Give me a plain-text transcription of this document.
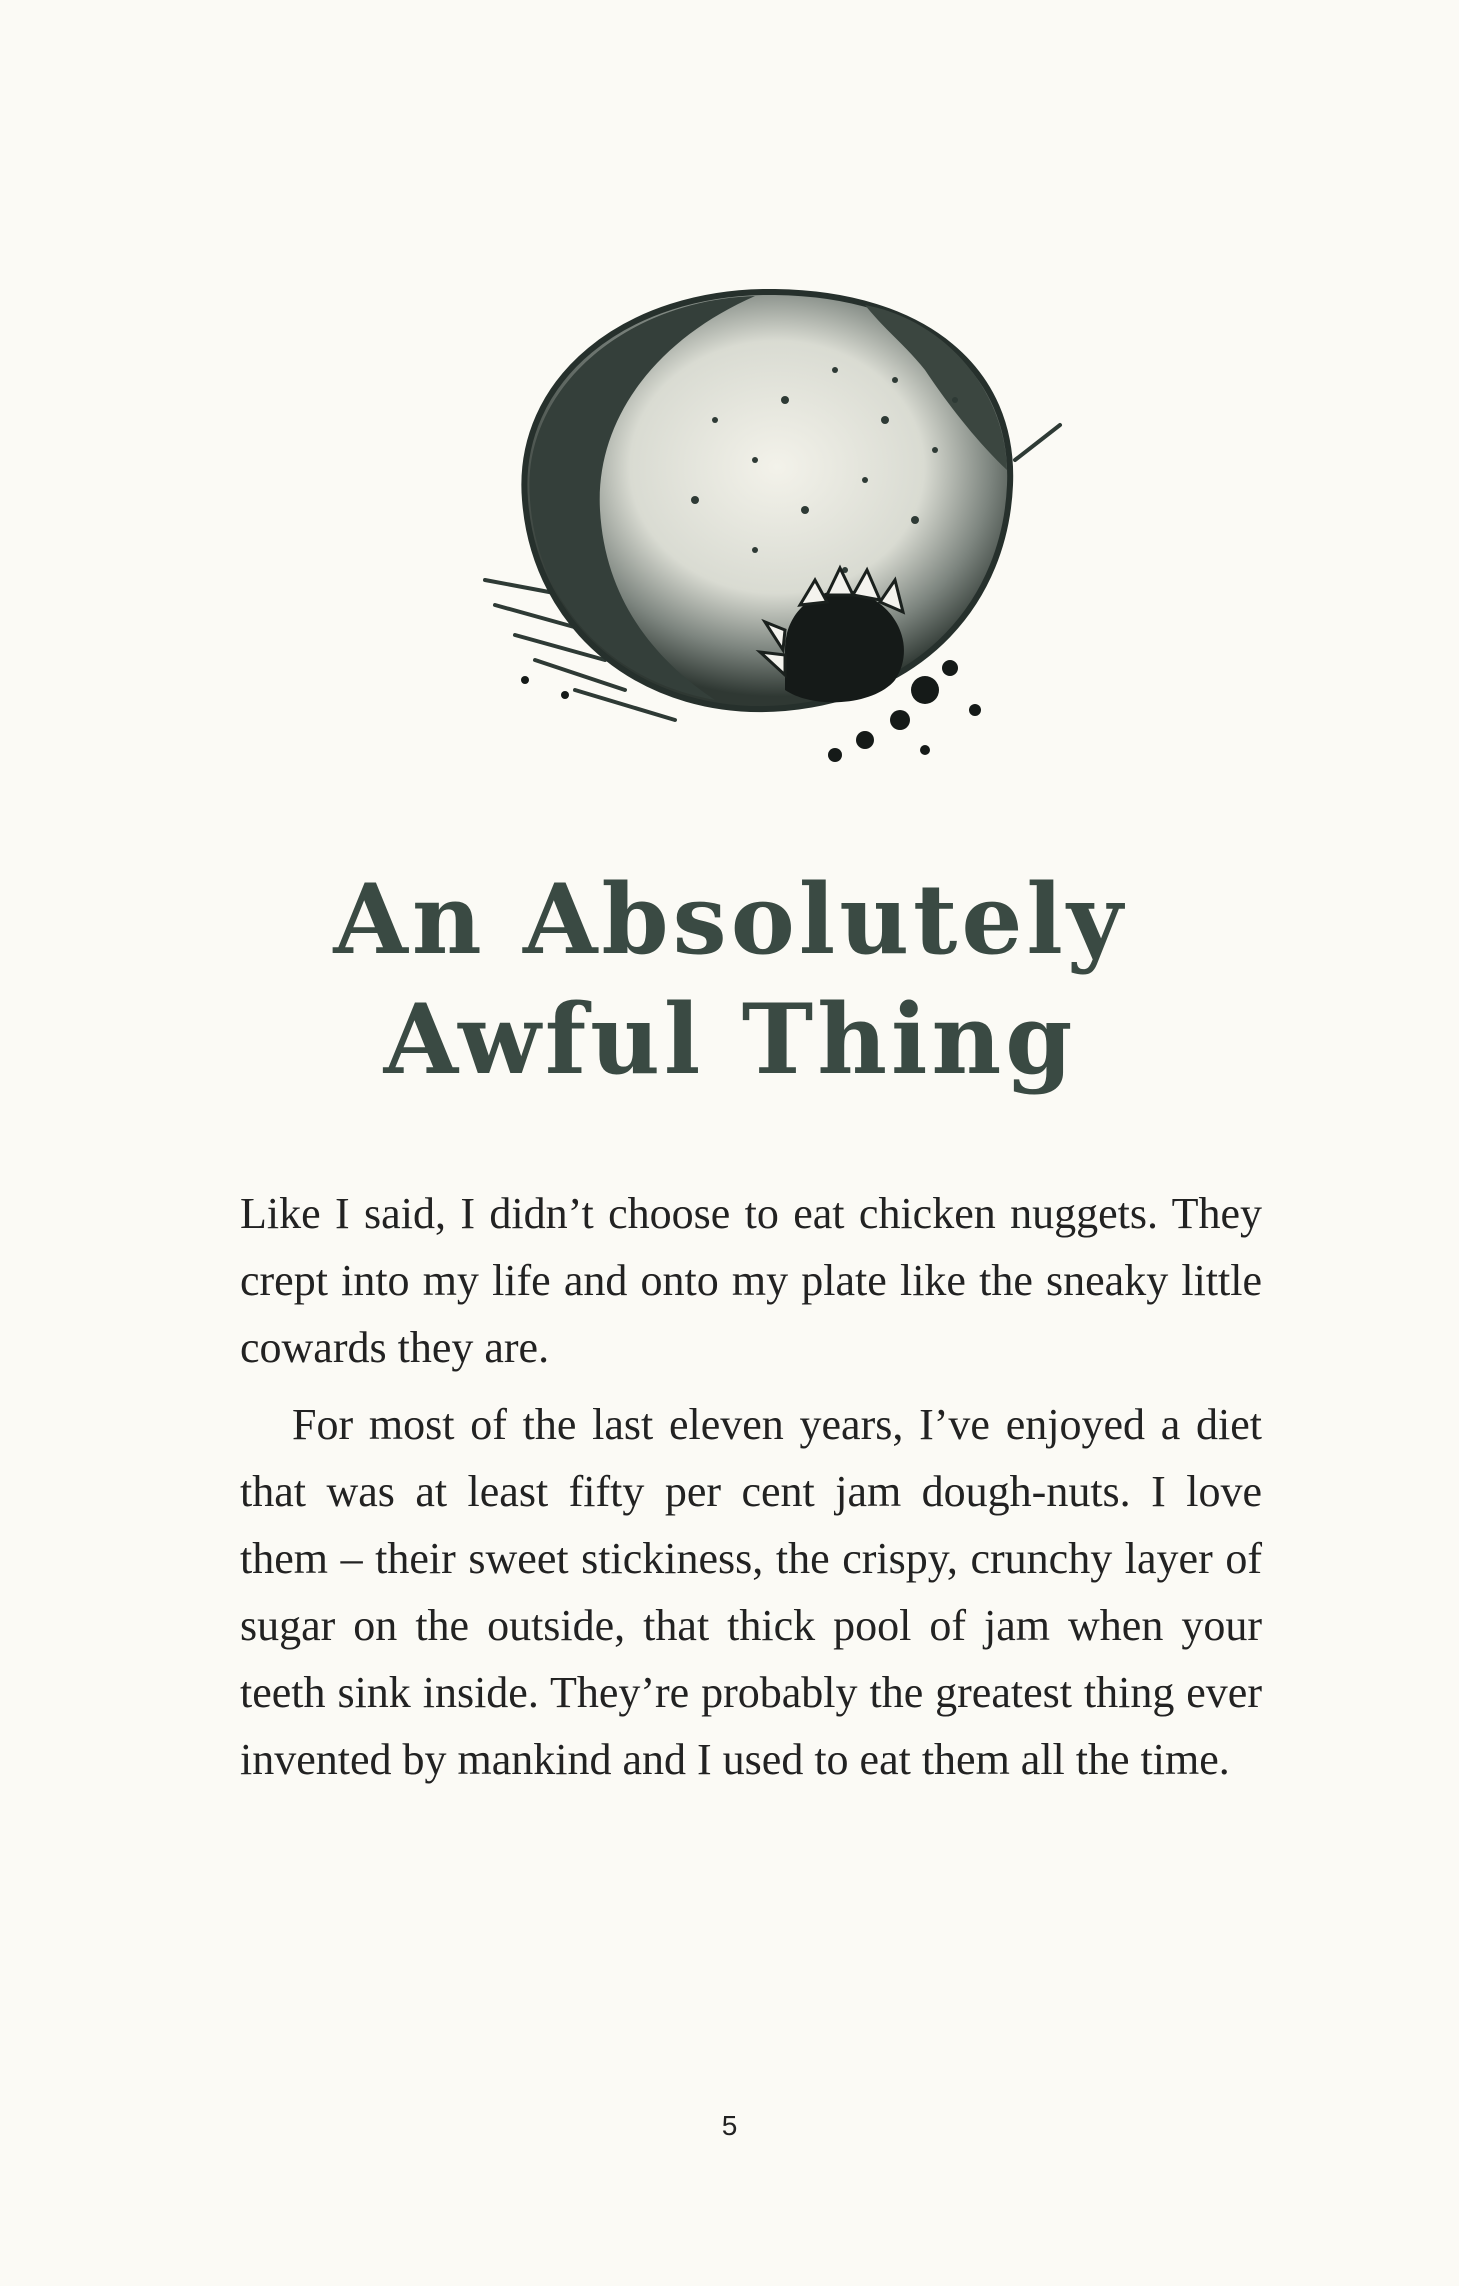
An Absolutely
Awful Thing

Like I said, I didn’t choose to eat chicken nuggets. They crept into my life and onto my plate like the sneaky little cowards they are.

For most of the last eleven years, I’ve enjoyed a diet that was at least fifty per cent jam dough-nuts. I love them – their sweet stickiness, the crispy, crunchy layer of sugar on the outside, that thick pool of jam when your teeth sink inside. They’re probably the greatest thing ever invented by mankind and I used to eat them all the time.

5
